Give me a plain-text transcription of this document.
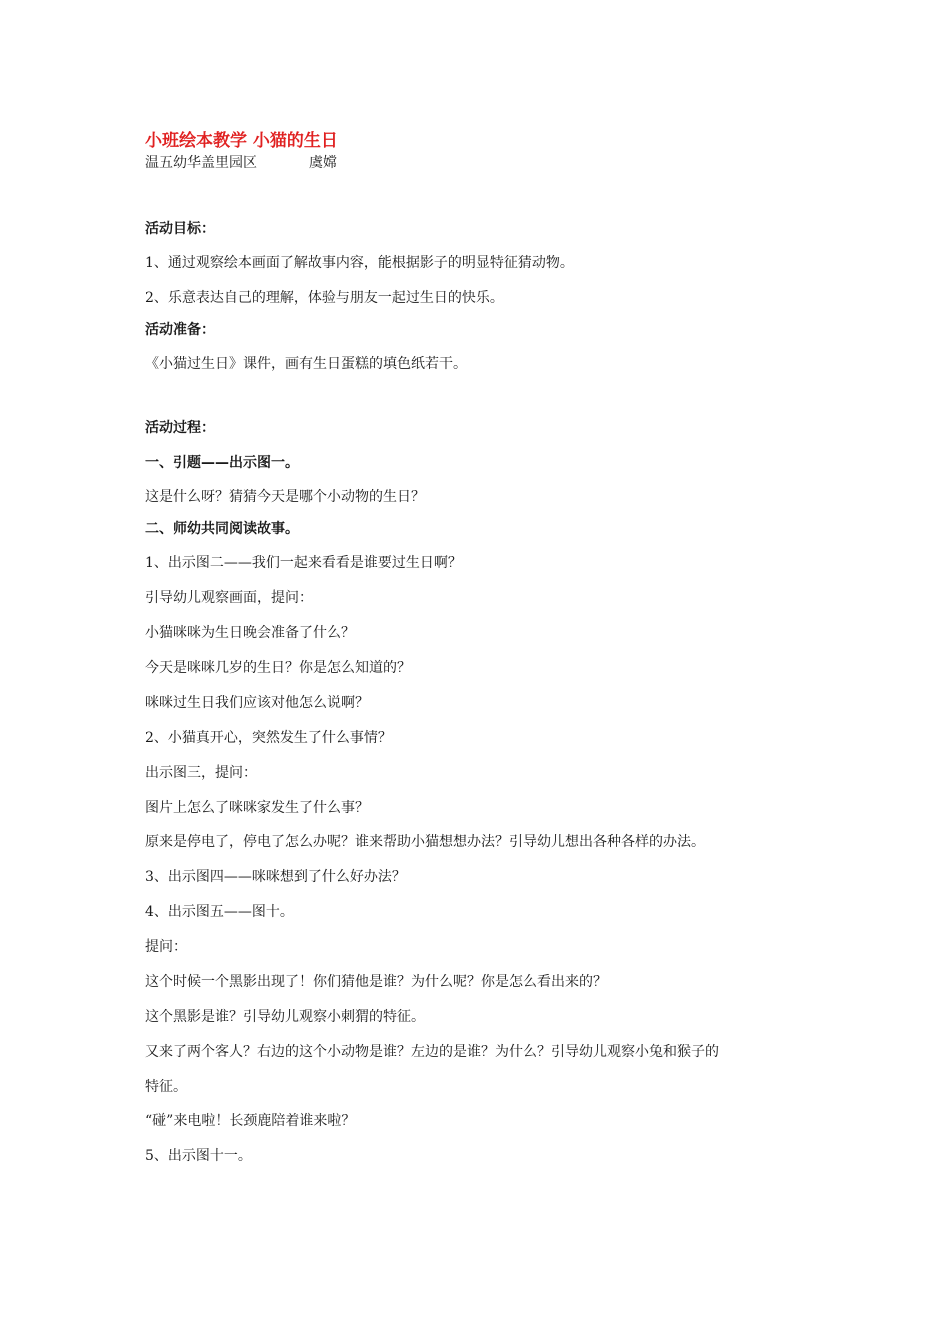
小班绘本教学 小猫的生日
温五幼华盖里园区	虞嫦
活动目标：
1、通过观察绘本画面了解故事内容，能根据影子的明显特征猜动物。
2、乐意表达自己的理解，体验与朋友一起过生日的快乐。
活动准备：
《小猫过生日》课件，画有生日蛋糕的填色纸若干。
活动过程：
一、引题——出示图一。
这是什么呀？猜猜今天是哪个小动物的生日？
二、师幼共同阅读故事。
1、出示图二——我们一起来看看是谁要过生日啊？
引导幼儿观察画面，提问：
小猫咪咪为生日晚会准备了什么？
今天是咪咪几岁的生日？你是怎么知道的？
咪咪过生日我们应该对他怎么说啊？
2、小猫真开心，突然发生了什么事情？
出示图三，提问：
图片上怎么了咪咪家发生了什么事？
原来是停电了，停电了怎么办呢？谁来帮助小猫想想办法？引导幼儿想出各种各样的办法。
3、出示图四——咪咪想到了什么好办法？
4、出示图五——图十。
提问：
这个时候一个黑影出现了！你们猜他是谁？为什么呢？你是怎么看出来的？
这个黑影是谁？引导幼儿观察小刺猬的特征。
又来了两个客人？右边的这个小动物是谁？左边的是谁？为什么？引导幼儿观察小兔和猴子的
特征。
“碰”来电啦！长颈鹿陪着谁来啦？
5、出示图十一。
